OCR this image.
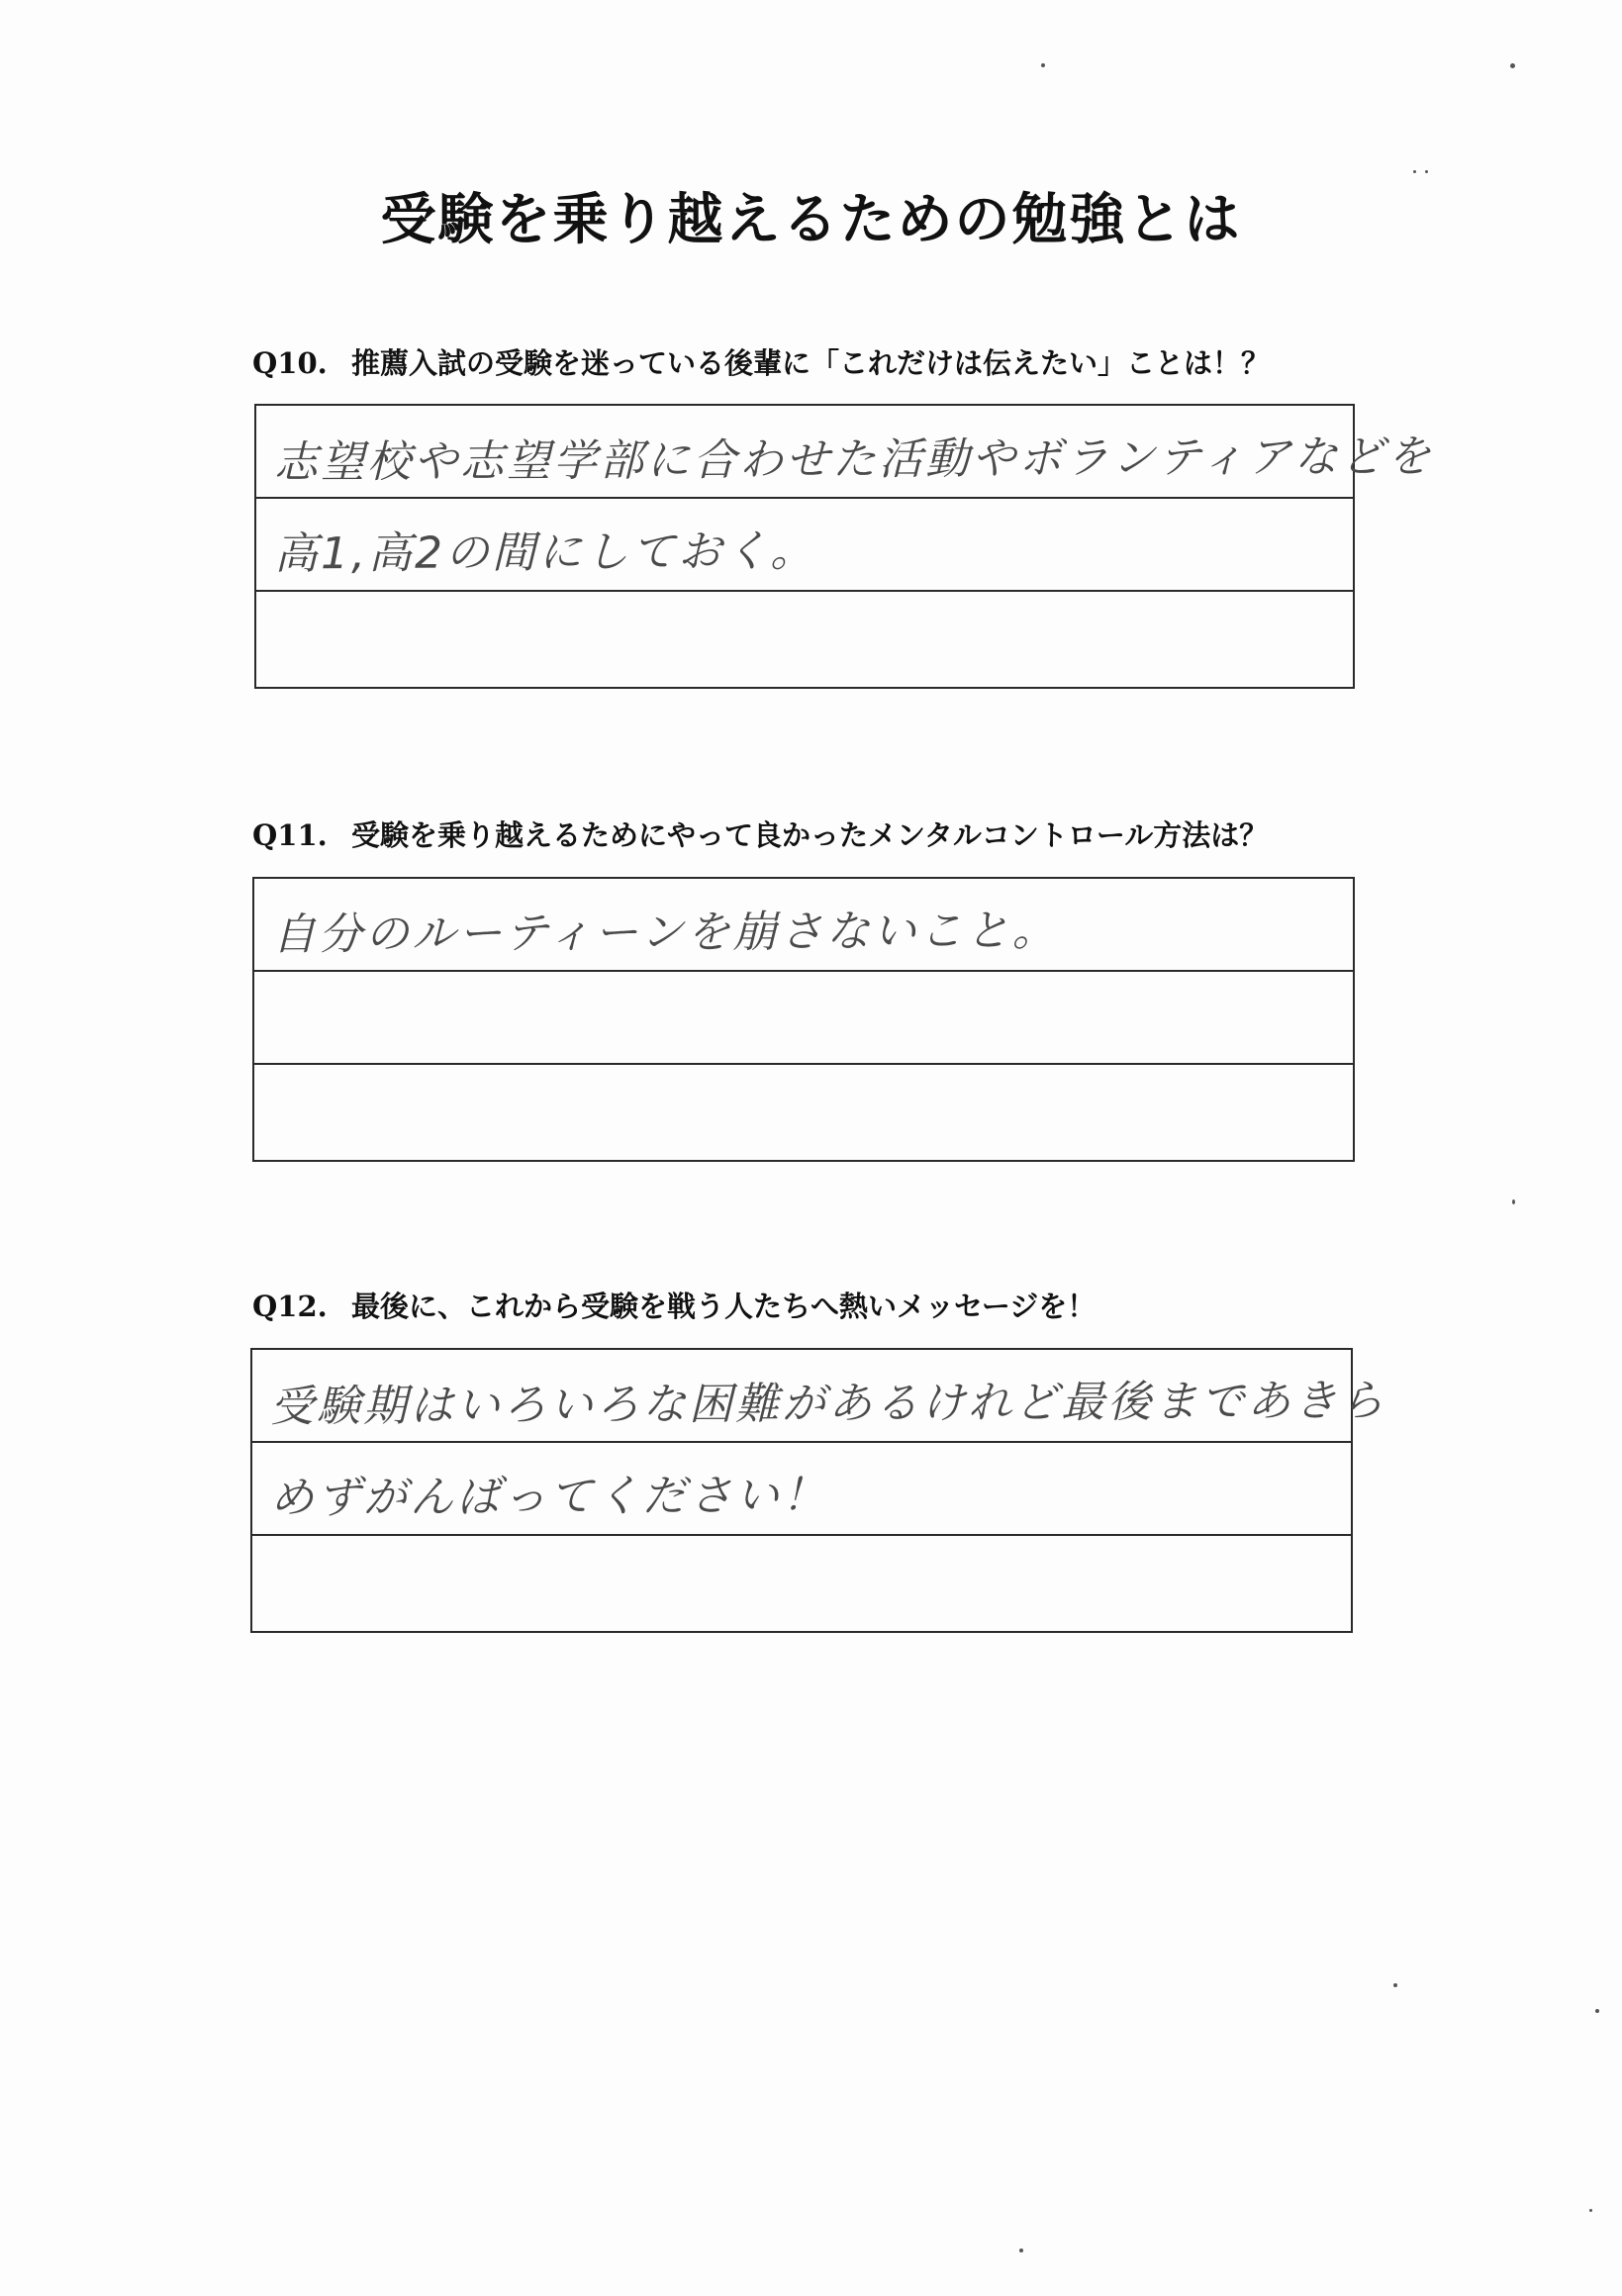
受験を乗り越えるための勉強とは
Q10. 推薦入試の受験を迷っている後輩に「これだけは伝えたい」ことは！？
志望校や志望学部に合わせた活動やボランティアなどを
高1,高2の間にしておく。
Q11. 受験を乗り越えるためにやって良かったメンタルコントロール方法は？
自分のルーティーンを崩さないこと。
Q12. 最後に、これから受験を戦う人たちへ熱いメッセージを！
受験期はいろいろな困難があるけれど最後まであきら
めずがんばってください！
